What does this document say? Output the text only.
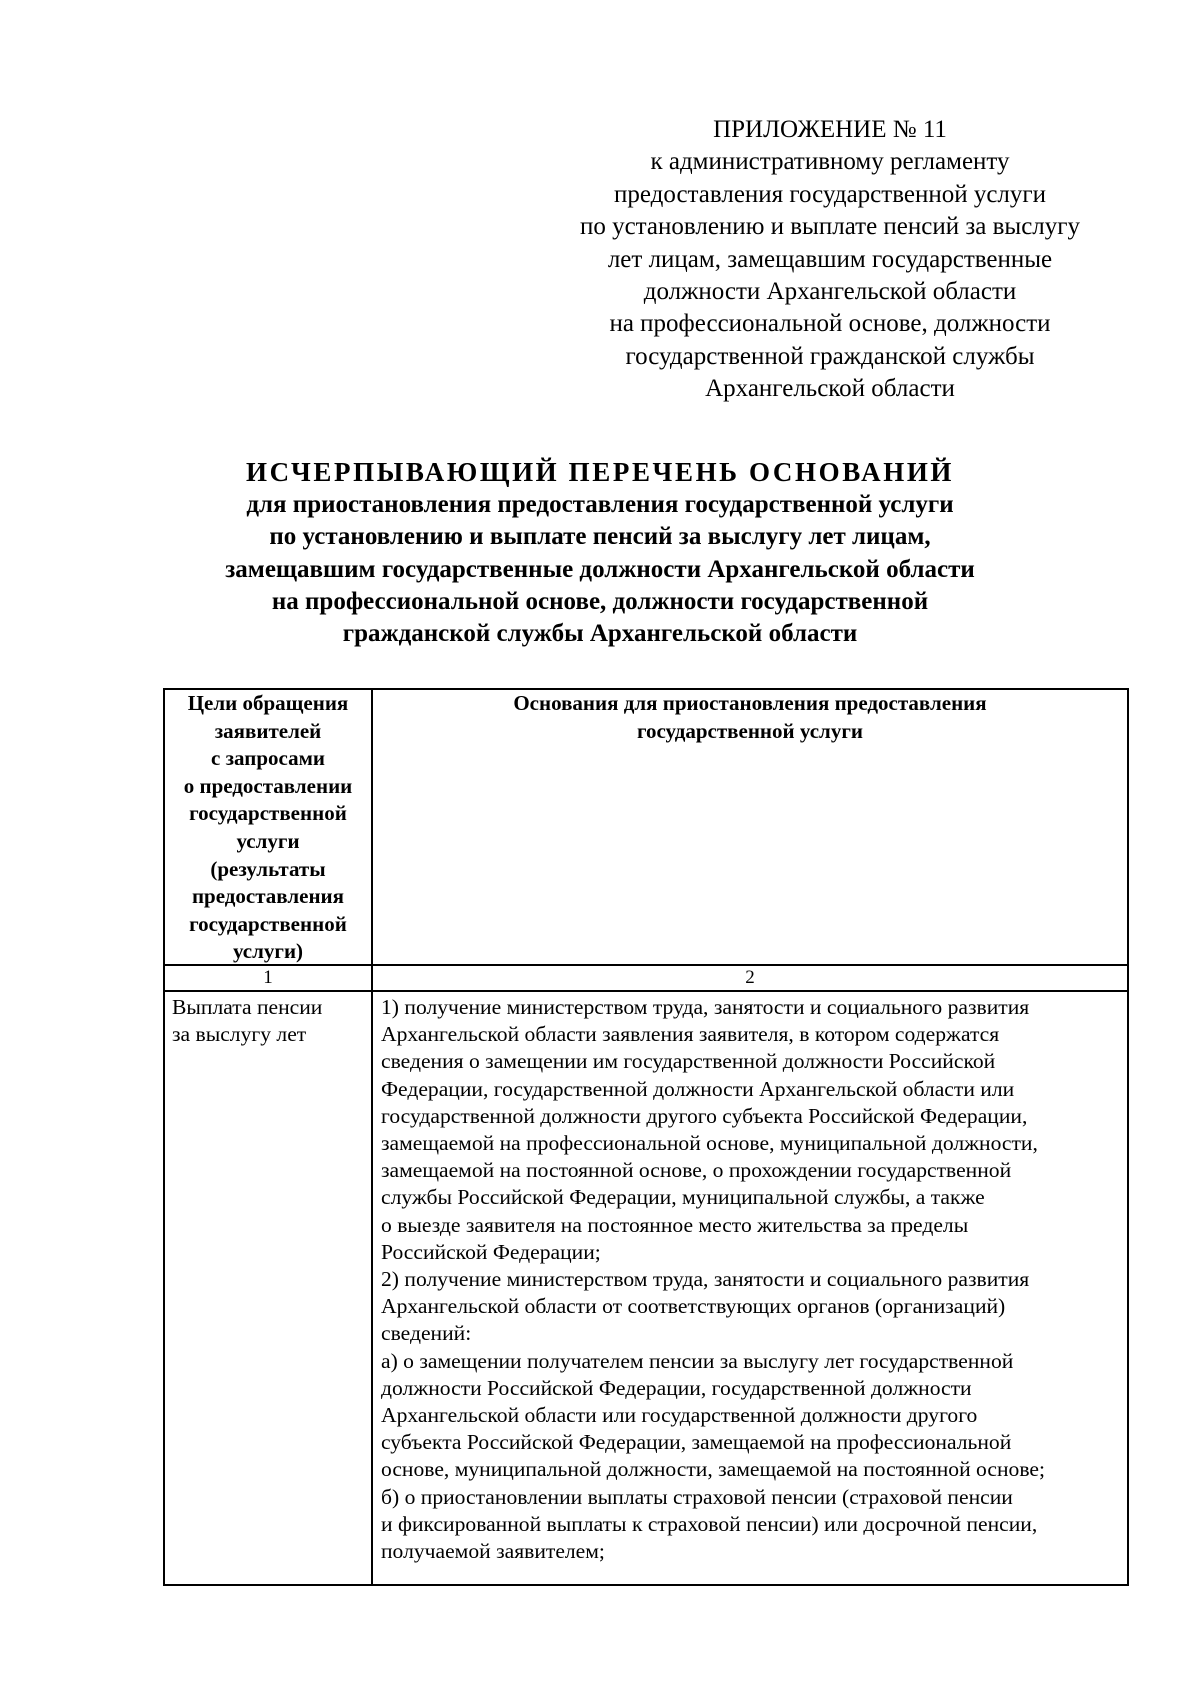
ПРИЛОЖЕНИЕ № 11
к административному регламенту
предоставления государственной услуги
по установлению и выплате пенсий за выслугу
лет лицам, замещавшим государственные
должности Архангельской области
на профессиональной основе, должности
государственной гражданской службы
Архангельской области
ИСЧЕРПЫВАЮЩИЙ ПЕРЕЧЕНЬ ОСНОВАНИЙ
для приостановления предоставления государственной услуги
по установлению и выплате пенсий за выслугу лет лицам,
замещавшим государственные должности Архангельской области
на профессиональной основе, должности государственной
гражданской службы Архангельской области
Цели обращения
заявителей
с запросами
о предоставлении
государственной
услуги
(результаты
предоставления
государственной
услуги)
Основания для приостановления предоставления
государственной услуги
1	2
Выплата пенсии
за выслугу лет
1) получение министерством труда, занятости и социального развития
Архангельской области заявления заявителя, в котором содержатся
сведения о замещении им государственной должности Российской
Федерации, государственной должности Архангельской области или
государственной должности другого субъекта Российской Федерации,
замещаемой на профессиональной основе, муниципальной должности,
замещаемой на постоянной основе, о прохождении государственной
службы Российской Федерации, муниципальной службы, а также
о выезде заявителя на постоянное место жительства за пределы
Российской Федерации;
2) получение министерством труда, занятости и социального развития
Архангельской области от соответствующих органов (организаций)
сведений:
а) о замещении получателем пенсии за выслугу лет государственной
должности Российской Федерации, государственной должности
Архангельской области или государственной должности другого
субъекта Российской Федерации, замещаемой на профессиональной
основе, муниципальной должности, замещаемой на постоянной основе;
б) о приостановлении выплаты страховой пенсии (страховой пенсии
и фиксированной выплаты к страховой пенсии) или досрочной пенсии,
получаемой заявителем;
